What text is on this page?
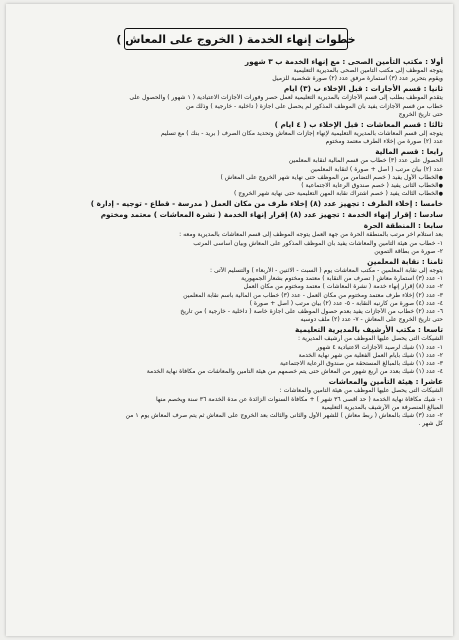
خطوات إنهاء الخدمة ( الخروج على المعاش )
أولا : مكتب التأمين الصحى : مع إنهاء الخدمة ب ٣ شهور
يتوجه الموظف إلى مكتب التأمين الصحى بالمديرية التعليمية
ويقوم بتحرير عدد (٣) استمارة مرفق عدد (٢) صورة شخصية للزميل
ثانيا : قسم الأجازات : قبل الإخلاء ب (٣) ايام
يتقدم الموظف بطلب إلى قسم الأجازات بالمديرية التعليمية لعمل حصر وفورات الأجازات الاعتيادية ( ١ شهور ) والحصول على
خطاب من قسم الأجازات يفيد بأن الموظف المذكور لم يحصل على اجازة ( داخلية - خارجية ) وذلك من
حتى تاريخ الخروج
ثالثا : قسم المعاشات : قبل الإخلاء ب ( ٤ ايام )
يتوجه إلى قسم المعاشات بالمديرية التعليمية لإنهاء إجازات المعاش وتحديد مكان الصرف ( بريد - بنك ) مع تسليم
عدد (٢) صورة من إخلاء الطرف معتمد ومختوم
رابعا : قسم المالية
الحصول على عدد (٣) خطاب من قسم المالية لنقابة المعلمين
عدد (٢) بيان مرتب ( أصل + صورة ) لنقابة المعلمين
● الخطاب الأول يفيد ( خصم التضامن من الموظف حتى نهاية شهر الخروج على المعاش )
● الخطاب الثانى يفيد ( خصم صندوق الرعاية الاجتماعية )
● الخطاب الثالث يفيد ( خصم اشتراك نقابة المهن التعليمية حتى نهاية شهر الخروج )
خامسا : إخلاء الطرف : تجهيز عدد (٨) إخلاء طرف من مكان العمل ( مدرسة - قطاع - توجيه - إدارة )
سادسا : إقرار إنهاء الخدمة : تجهيز عدد (٨) إقرار إنهاء الخدمة ( نشرة المعاشات ) معتمد ومختوم
سابعا : المنطقة الحرة
بعد استلام آخر مرتب بالمنطقة الحرة من جهة العمل يتوجه الموظف إلى قسم المعاشات بالمديرية ومعه :
١- خطاب من هيئة التأمين والمعاشات يفيد بأن الموظف المذكور على المعاش وبيان أساسى المرتب
٢- صورة من بطاقة التموين
ثامنا : نقابة المعلمين
يتوجه إلى نقابة المعلمين - مكتب المعاشات يوم ( السبت - الاثنين - الأربعاء ) والتسليم الآتى :
١- عدد (٣) استمارة معاش ( تصرف من النقابة ) معتمد ومختوم بشعار الجمهورية
٢- عدد (٨) إقرار إنهاء خدمة ( نشرة المعاشات ) معتمد ومختوم من مكان العمل
٣- عدد (٢) إخلاء طرف معتمد ومختوم من مكان العمل - عدد (٣) خطاب من المالية باسم نقابة المعلمين
٤- عدد (٤) صورة من كارنيه النقابة - ٥- عدد (٢) بيان مرتب ( أصل + صورة )
٦- عدد (٢) خطاب من الأجازات يفيد بعدم حصول الموظف على اجازة خاصة ( داخلية - خارجية ) من تاريخ
حتى تاريخ الخروج على المعاش - ٧- عدد (٢) ملف دوسيه
تاسعا : مكتب الأرشيف بالمديرية التعليمية
الشيكات التى يحصل عليها الموظف من أرشيف المديرية :
١- عدد (١) شيك لرصيد الأجازات الاعتيادية ٤ شهور
٢- عدد (١) شيك بأيام العمل الفعلية من شهر نهاية الخدمة
٣- عدد (١) شيك بالمبالغ المستحقة من صندوق الرعاية الاجتماعية
٤- عدد (١) شيك بعدد من أربع شهور من المعاش حتى يتم خصمهم من هيئة التأمين والمعاشات من مكافأة نهاية الخدمة
عاشرا : هيئة التأمين والمعاشات
الشيكات التى يحصل عليها الموظف من هيئة التأمين والمعاشات :
١- شيك مكافأة نهاية الخدمة ( حد أقصى ٣٦ شهر ) + مكافأة السنوات الزائدة عن مدة الخدمة ٣٦ سنة ويخصم منها
المبالغ المنصرفة من الأرشيف بالمديرية التعليمية
٢- عدد (٣) شيك بالمعاش ( ربط معاش ) للشهر الأول والثانى والثالث بعد الخروج على المعاش ثم يتم صرف المعاش يوم ١ من
كل شهر .
